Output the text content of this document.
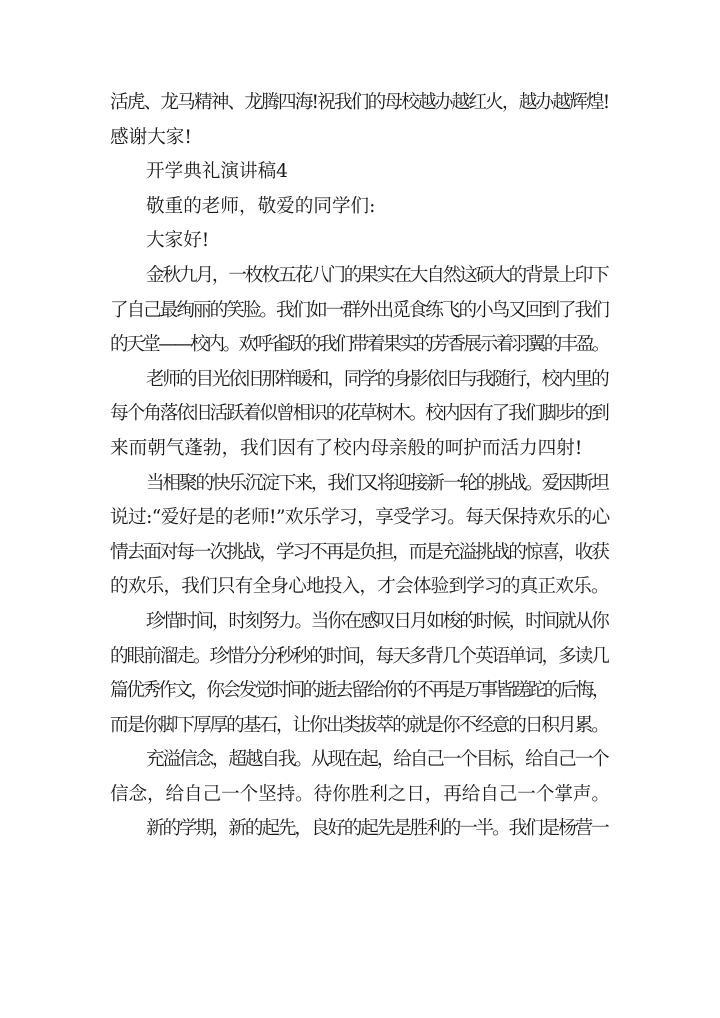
活虎、龙马精神、龙腾四海!祝我们的母校越办越红火，越办越辉煌!
感谢大家!
开学典礼演讲稿4
敬重的老师，敬爱的同学们:
大家好!
金秋九月，一枚枚五花八门的果实在大自然这硕大的背景上印下
了自己最绚丽的笑脸。我们如一群外出觅食练飞的小鸟又回到了我们
的天堂——校内。欢呼雀跃的我们带着果实的芳香展示着羽翼的丰盈。
老师的目光依旧那样暖和，同学的身影依旧与我随行，校内里的
每个角落依旧活跃着似曾相识的花草树木。校内因有了我们脚步的到
来而朝气蓬勃，我们因有了校内母亲般的呵护而活力四射!
当相聚的快乐沉淀下来，我们又将迎接新一轮的挑战。爱因斯坦
说过:“爱好是的老师!”欢乐学习，享受学习。每天保持欢乐的心
情去面对每一次挑战，学习不再是负担，而是充溢挑战的惊喜，收获
的欢乐，我们只有全身心地投入，才会体验到学习的真正欢乐。
珍惜时间，时刻努力。当你在感叹日月如梭的时候，时间就从你
的眼前溜走。珍惜分分秒秒的时间，每天多背几个英语单词，多读几
篇优秀作文，你会发觉时间的逝去留给你的不再是万事皆蹉跎的后悔，
而是你脚下厚厚的基石，让你出类拔萃的就是你不经意的日积月累。
充溢信念，超越自我。从现在起，给自己一个目标，给自己一个
信念，给自己一个坚持。待你胜利之日，再给自己一个掌声。
新的学期，新的起先，良好的起先是胜利的一半。我们是杨营一
